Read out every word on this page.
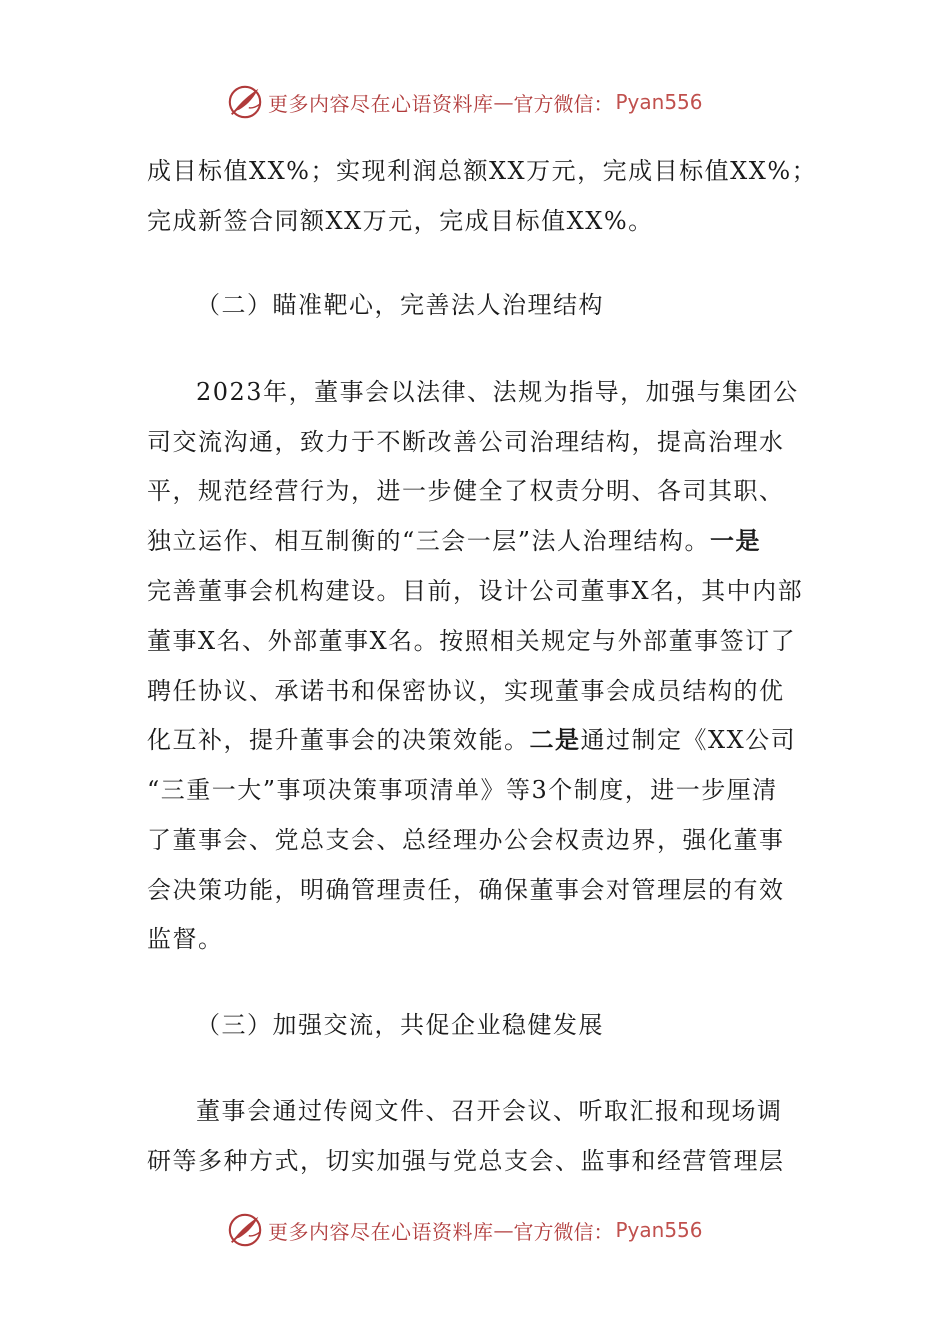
更多内容尽在心语资料库 — 官方微信： Pyan556
成目标值XX%；实现利润总额XX万元，完成目标值XX%；
完成新签合同额XX万元，完成目标值XX%。
（二）瞄准靶心，完善法人治理结构
2023年，董事会以法律、法规为指导，加强与集团公
司交流沟通，致力于不断改善公司治理结构，提高治理水
平，规范经营行为，进一步健全了权责分明、各司其职、
独立运作、相互制衡的“三会一层”法人治理结构。一是
完善董事会机构建设。目前，设计公司董事X名，其中内部
董事X名、外部董事X名。按照相关规定与外部董事签订了
聘任协议、承诺书和保密协议，实现董事会成员结构的优
化互补，提升董事会的决策效能。二是通过制定《XX公司
“三重一大”事项决策事项清单》等3个制度，进一步厘清
了董事会、党总支会、总经理办公会权责边界，强化董事
会决策功能，明确管理责任，确保董事会对管理层的有效
监督。
（三）加强交流，共促企业稳健发展
董事会通过传阅文件、召开会议、听取汇报和现场调
研等多种方式，切实加强与党总支会、监事和经营管理层
更多内容尽在心语资料库 — 官方微信： Pyan556
